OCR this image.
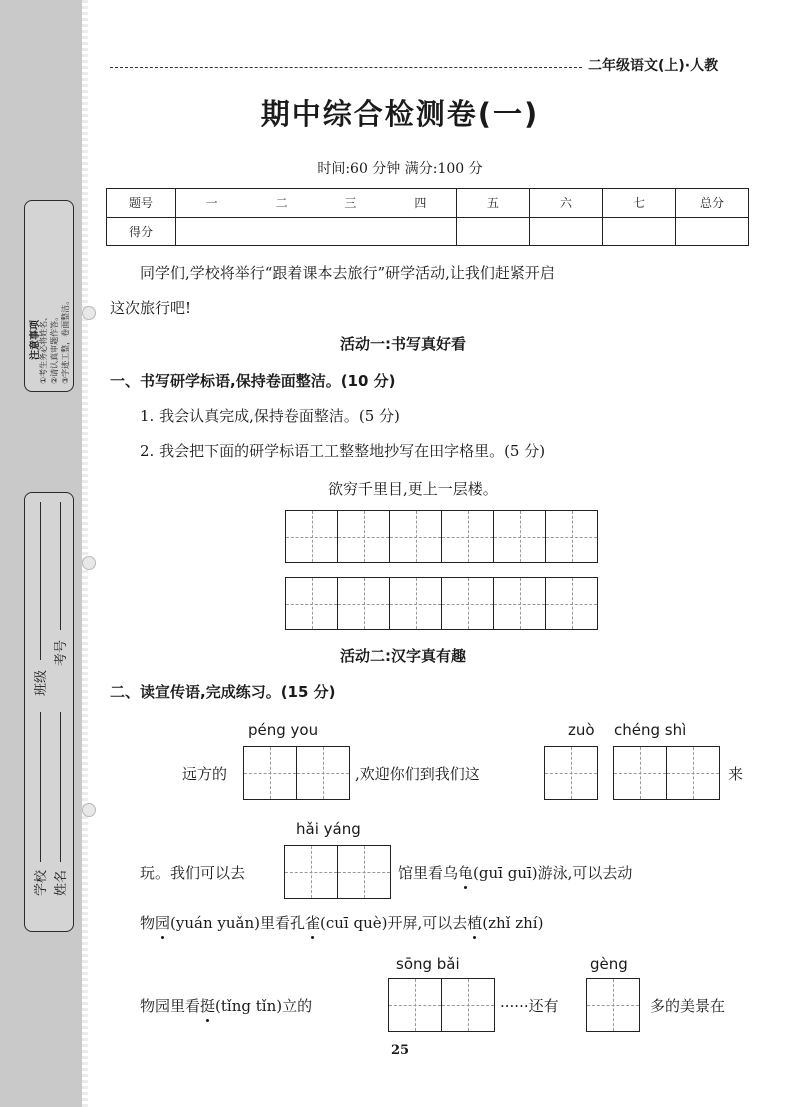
注意事项
①考生务必将姓名、 ②请认真审题作答。 ③字迹工整，卷面整洁。
班级
考号
学校 姓名
二年级语文(上)·人教
期中综合检测卷(一)
时间:60 分钟 满分:100 分
题号	一	二	三	四	五	六	七	总分
得分								
同学们,学校将举行“跟着课本去旅行”研学活动,让我们赶紧开启
这次旅行吧!
活动一:书写真好看
一、书写研学标语,保持卷面整洁。(10 分)
1. 我会认真完成,保持卷面整洁。(5 分)
2. 我会把下面的研学标语工工整整地抄写在田字格里。(5 分)
欲穷千里目,更上一层楼。
活动二:汉字真有趣
二、读宣传语,完成练习。(15 分)
péng you	zuò chéng shì
远方的	,欢迎你们到我们这	来
hǎi yáng
玩。我们可以去	馆里看乌龟(guī guī)游泳,可以去动
物园(yuán yuǎn)里看孔雀(cuī què)开屏,可以去植(zhǐ zhí)
sōng bǎi	gèng
物园里看挺(tǐng tǐn)立的	······还有	多的美景在
25
